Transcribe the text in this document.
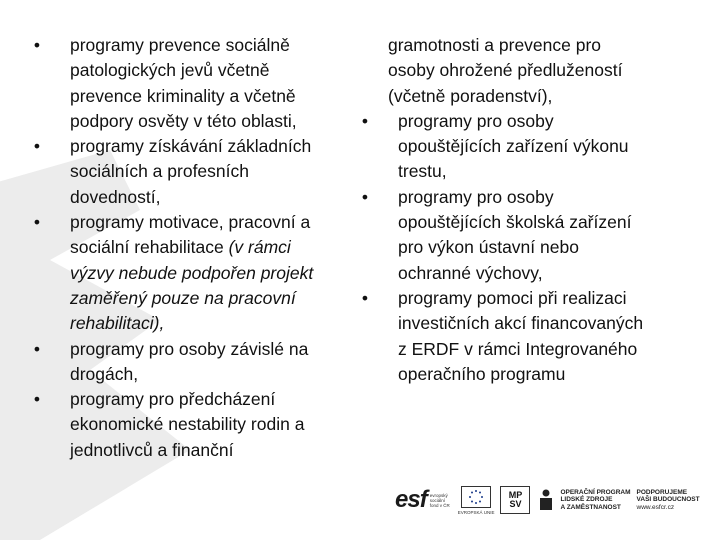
• programy prevence sociálně
patologických jevů včetně
prevence kriminality a včetně
podpory osvěty v této oblasti,

• programy získávání základních
sociálních a profesních
dovedností,

• programy motivace, pracovní a
sociální rehabilitace (v rámci
výzvy nebude podpořen projekt
zaměřený pouze na pracovní
rehabilitaci),
• programy pro osoby závislé na
drogách,

• programy pro předcházení
ekonomické nestability rodin a
jednotlivců a finanční

gramotnosti a prevence pro
osoby ohrožené předlužeností
(včetně poradenství),
• programy pro osoby
opouštějících zařízení výkonu
trestu,

• programy pro osoby
opouštějících školská zařízení
pro výkon ústavní nebo
ochranné výchovy,

• programy pomoci při realizaci
investičních akcí financovaných
z ERDF v rámci Integrovaného
operačního programu

esf evropský
sociální
fond v ČR
EVROPSKÁ UNIE
MP
SV
OPERAČNÍ PROGRAM
LIDSKÉ ZDROJE
A ZAMĚSTNANOST
PODPORUJEME
VAŠI BUDOUCNOST
www.esfcr.cz
